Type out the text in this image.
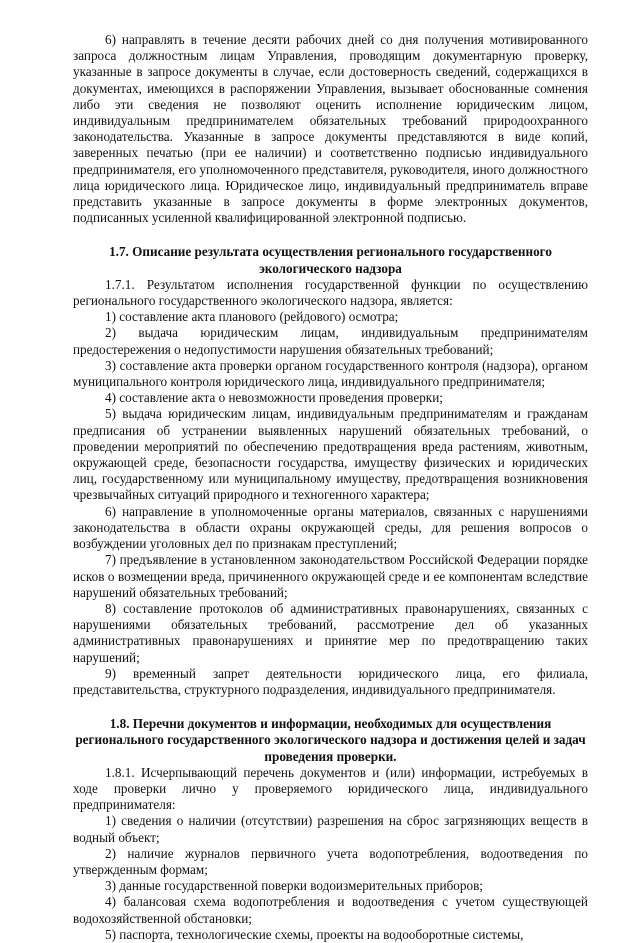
6) направлять в течение десяти рабочих дней со дня получения мотивированного запроса должностным лицам Управления, проводящим документарную проверку, указанные в запросе документы в случае, если достоверность сведений, содержащихся в документах, имеющихся в распоряжении Управления, вызывает обоснованные сомнения либо эти сведения не позволяют оценить исполнение юридическим лицом, индивидуальным предпринимателем обязательных требований природоохранного законодательства. Указанные в запросе документы представляются в виде копий, заверенных печатью (при ее наличии) и соответственно подписью индивидуального предпринимателя, его уполномоченного представителя, руководителя, иного должностного лица юридического лица. Юридическое лицо, индивидуальный предприниматель вправе представить указанные в запросе документы в форме электронных документов, подписанных усиленной квалифицированной электронной подписью.

1.7. Описание результата осуществления регионального государственного экологического надзора

1.7.1. Результатом исполнения государственной функции по осуществлению регионального государственного экологического надзора, является:

1) составление акта планового (рейдового) осмотра;

2) выдача юридическим лицам, индивидуальным предпринимателям предостережения о недопустимости нарушения обязательных требований;

3) составление акта проверки органом государственного контроля (надзора), органом муниципального контроля юридического лица, индивидуального предпринимателя;

4) составление акта о невозможности проведения проверки;

5) выдача юридическим лицам, индивидуальным предпринимателям и гражданам предписания об устранении выявленных нарушений обязательных требований, о проведении мероприятий по обеспечению предотвращения вреда растениям, животным, окружающей среде, безопасности государства, имуществу физических и юридических лиц, государственному или муниципальному имуществу, предотвращения возникновения чрезвычайных ситуаций природного и техногенного характера;

6) направление в уполномоченные органы материалов, связанных с нарушениями законодательства в области охраны окружающей среды, для решения вопросов о возбуждении уголовных дел по признакам преступлений;

7) предъявление в установленном законодательством Российской Федерации порядке исков о возмещении вреда, причиненного окружающей среде и ее компонентам вследствие нарушений обязательных требований;

8) составление протоколов об административных правонарушениях, связанных с нарушениями обязательных требований, рассмотрение дел об указанных административных правонарушениях и принятие мер по предотвращению таких нарушений;

9) временный запрет деятельности юридического лица, его филиала, представительства, структурного подразделения, индивидуального предпринимателя.

1.8. Перечни документов и информации, необходимых для осуществления регионального государственного экологического надзора и достижения целей и задач проведения проверки.

1.8.1. Исчерпывающий перечень документов и (или) информации, истребуемых в ходе проверки лично у проверяемого юридического лица, индивидуального предпринимателя:

1) сведения о наличии (отсутствии) разрешения на сброс загрязняющих веществ в водный объект;

2) наличие журналов первичного учета водопотребления, водоотведения по утвержденным формам;

3) данные государственной поверки водоизмерительных приборов;

4) балансовая схема водопотребления и водоотведения с учетом существующей водохозяйственной обстановки;

5) паспорта, технологические схемы, проекты на водооборотные системы,
